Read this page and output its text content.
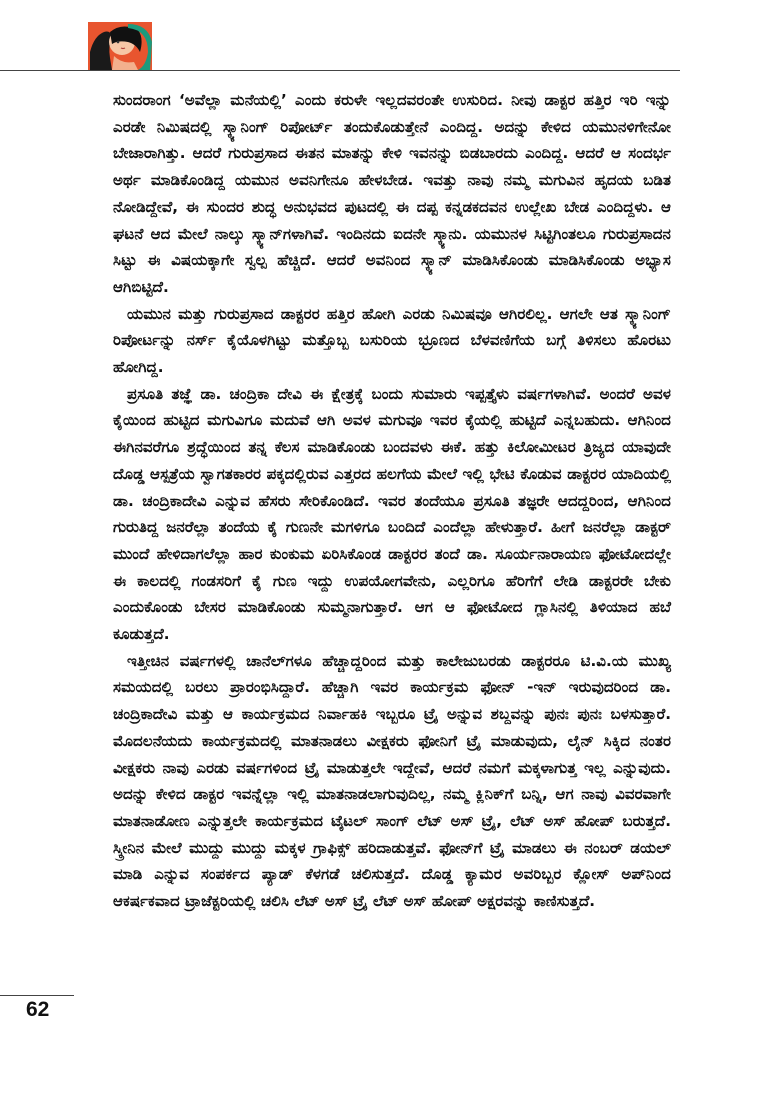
ಸುಂದರಾಂಗ ‘ಅವೆಲ್ಲಾ ಮನೆಯಲ್ಲಿ’ ಎಂದು ಕರುಳೇ ಇಲ್ಲದವರಂತೇ ಉಸುರಿದ. ನೀವು ಡಾಕ್ಟರ ಹತ್ತಿರ ಇರಿ ಇನ್ನು ಎರಡೇ ನಿಮಿಷದಲ್ಲಿ ಸ್ಕ್ಯಾನಿಂಗ್ ರಿಪೋರ್ಟ್ ತಂದುಕೊಡುತ್ತೇನೆ ಎಂದಿದ್ದ. ಅದನ್ನು ಕೇಳಿದ ಯಮುನಳಿಗೇನೋ ಬೇಜಾರಾಗಿತ್ತು. ಆದರೆ ಗುರುಪ್ರಸಾದ ಈತನ ಮಾತನ್ನು ಕೇಳಿ ಇವನನ್ನು ಬಿಡಬಾರದು ಎಂದಿದ್ದ. ಆದರೆ ಆ ಸಂದರ್ಭ ಅರ್ಥ ಮಾಡಿಕೊಂಡಿದ್ದ ಯಮುನ ಅವನಿಗೇನೂ ಹೇಳಬೇಡ. ಇವತ್ತು ನಾವು ನಮ್ಮ ಮಗುವಿನ ಹೃದಯ ಬಡಿತ ನೋಡಿದ್ದೇವೆ, ಈ ಸುಂದರ ಶುದ್ಧ ಅನುಭವದ ಪುಟದಲ್ಲಿ ಈ ದಪ್ಪ ಕನ್ನಡಕದವನ ಉಲ್ಲೇಖ ಬೇಡ ಎಂದಿದ್ದಳು. ಆ ಘಟನೆ ಆದ ಮೇಲೆ ನಾಲ್ಕು ಸ್ಕ್ಯಾನ್‌ಗಳಾಗಿವೆ. ಇಂದಿನದು ಐದನೇ ಸ್ಕ್ಯಾನು. ಯಮುನಳ ಸಿಟ್ಟಿಗಿಂತಲೂ ಗುರುಪ್ರಸಾದನ ಸಿಟ್ಟು ಈ ವಿಷಯಕ್ಕಾಗೇ ಸ್ವಲ್ಪ ಹೆಚ್ಚಿದೆ. ಆದರೆ ಅವನಿಂದ ಸ್ಕ್ಯಾನ್ ಮಾಡಿಸಿಕೊಂಡು ಮಾಡಿಸಿಕೊಂಡು ಅಭ್ಯಾಸ ಆಗಿಬಿಟ್ಟಿದೆ.

ಯಮುನ ಮತ್ತು ಗುರುಪ್ರಸಾದ ಡಾಕ್ಟರರ ಹತ್ತಿರ ಹೋಗಿ ಎರಡು ನಿಮಿಷವೂ ಆಗಿರಲಿಲ್ಲ. ಆಗಲೇ ಆತ ಸ್ಕ್ಯಾನಿಂಗ್ ರಿಪೋರ್ಟನ್ನು ನರ್ಸ್ ಕೈಯೊಳಗಿಟ್ಟು ಮತ್ತೊಬ್ಬ ಬಸುರಿಯ ಭ್ರೂಣದ ಬೆಳವಣಿಗೆಯ ಬಗ್ಗೆ ತಿಳಿಸಲು ಹೊರಟು ಹೋಗಿದ್ದ.

ಪ್ರಸೂತಿ ತಜ್ಞೆ ಡಾ. ಚಂದ್ರಿಕಾ ದೇವಿ ಈ ಕ್ಷೇತ್ರಕ್ಕೆ ಬಂದು ಸುಮಾರು ಇಪ್ಪತ್ತೈಳು ವರ್ಷಗಳಾಗಿವೆ. ಅಂದರೆ ಅವಳ ಕೈಯಿಂದ ಹುಟ್ಟಿದ ಮಗುವಿಗೂ ಮದುವೆ ಆಗಿ ಅವಳ ಮಗುವೂ ಇವರ ಕೈಯಲ್ಲಿ ಹುಟ್ಟಿದೆ ಎನ್ನಬಹುದು. ಆಗಿನಿಂದ ಈಗಿನವರೆಗೂ ಶ್ರದ್ಧೆಯಿಂದ ತನ್ನ ಕೆಲಸ ಮಾಡಿಕೊಂಡು ಬಂದವಳು ಈಕೆ. ಹತ್ತು ಕಿಲೋಮೀಟರ ತ್ರಿಜ್ಯದ ಯಾವುದೇ ದೊಡ್ಡ ಆಸ್ಪತ್ರೆಯ ಸ್ವಾಗತಕಾರರ ಪಕ್ಕದಲ್ಲಿರುವ ಎತ್ತರದ ಹಲಗೆಯ ಮೇಲೆ ಇಲ್ಲಿ ಭೇಟಿ ಕೊಡುವ ಡಾಕ್ಟರರ ಯಾದಿಯಲ್ಲಿ ಡಾ. ಚಂದ್ರಿಕಾದೇವಿ ಎನ್ನುವ ಹೆಸರು ಸೇರಿಕೊಂಡಿದೆ. ಇವರ ತಂದೆಯೂ ಪ್ರಸೂತಿ ತಜ್ಞರೇ ಆದದ್ದರಿಂದ, ಆಗಿನಿಂದ ಗುರುತಿದ್ದ ಜನರೆಲ್ಲಾ ತಂದೆಯ ಕೈ ಗುಣನೇ ಮಗಳಿಗೂ ಬಂದಿದೆ ಎಂದೆಲ್ಲಾ ಹೇಳುತ್ತಾರೆ. ಹೀಗೆ ಜನರೆಲ್ಲಾ ಡಾಕ್ಟರ್ ಮುಂದೆ ಹೇಳಿದಾಗಲೆಲ್ಲಾ ಹಾರ ಕುಂಕುಮ ಏರಿಸಿಕೊಂಡ ಡಾಕ್ಟರರ ತಂದೆ ಡಾ. ಸೂರ್ಯನಾರಾಯಣ ಫೋಟೋದಲ್ಲೇ ಈ ಕಾಲದಲ್ಲಿ ಗಂಡಸರಿಗೆ ಕೈ ಗುಣ ಇದ್ದು ಉಪಯೋಗವೇನು, ಎಲ್ಲರಿಗೂ ಹೆರಿಗೆಗೆ ಲೇಡಿ ಡಾಕ್ಟರರೇ ಬೇಕು ಎಂದುಕೊಂಡು ಬೇಸರ ಮಾಡಿಕೊಂಡು ಸುಮ್ಮನಾಗುತ್ತಾರೆ. ಆಗ ಆ ಫೋಟೋದ ಗ್ಲಾಸಿನಲ್ಲಿ ತಿಳಿಯಾದ ಹಬೆ ಕೂಡುತ್ತದೆ.

ಇತ್ತೀಚಿನ ವರ್ಷಗಳಲ್ಲಿ ಚಾನೆಲ್‌ಗಳೂ ಹೆಚ್ಚಾದ್ದರಿಂದ ಮತ್ತು ಕಾಲೇಜುಬರಡು ಡಾಕ್ಟರರೂ ಟಿ.ವಿ.ಯ ಮುಖ್ಯ ಸಮಯದಲ್ಲಿ ಬರಲು ಪ್ರಾರಂಭಿಸಿದ್ದಾರೆ. ಹೆಚ್ಚಾಗಿ ಇವರ ಕಾರ್ಯಕ್ರಮ ಫೋನ್ -ಇನ್ ಇರುವುದರಿಂದ ಡಾ. ಚಂದ್ರಿಕಾದೇವಿ ಮತ್ತು ಆ ಕಾರ್ಯಕ್ರಮದ ನಿರ್ವಾಹಕಿ ಇಬ್ಬರೂ ಟ್ರೈ ಅನ್ನುವ ಶಬ್ದವನ್ನು ಪುನಃ ಪುನಃ ಬಳಸುತ್ತಾರೆ. ಮೊದಲನೆಯದು ಕಾರ್ಯಕ್ರಮದಲ್ಲಿ ಮಾತನಾಡಲು ವೀಕ್ಷಕರು ಫೋನಿಗೆ ಟ್ರೈ ಮಾಡುವುದು, ಲೈನ್ ಸಿಕ್ಕಿದ ನಂತರ ವೀಕ್ಷಕರು ನಾವು ಎರಡು ವರ್ಷಗಳಿಂದ ಟ್ರೈ ಮಾಡುತ್ತಲೇ ಇದ್ದೇವೆ, ಆದರೆ ನಮಗೆ ಮಕ್ಕಳಾಗುತ್ತ ಇಲ್ಲ ಎನ್ನುವುದು. ಅದನ್ನು ಕೇಳಿದ ಡಾಕ್ಟರ ಇವನ್ನೆಲ್ಲಾ ಇಲ್ಲಿ ಮಾತನಾಡಲಾಗುವುದಿಲ್ಲ, ನಮ್ಮ ಕ್ಲಿನಿಕ್‌ಗೆ ಬನ್ನಿ, ಆಗ ನಾವು ವಿವರವಾಗೇ ಮಾತನಾಡೋಣ ಎನ್ನುತ್ತಲೇ ಕಾರ್ಯಕ್ರಮದ ಟೈಟಲ್ ಸಾಂಗ್ ಲೆಟ್ ಅಸ್ ಟ್ರೈ, ಲೆಟ್ ಅಸ್ ಹೋಪ್ ಬರುತ್ತದೆ. ಸ್ಕ್ರೀನಿನ ಮೇಲೆ ಮುದ್ದು ಮುದ್ದು ಮಕ್ಕಳ ಗ್ರಾಫಿಕ್ಸ್ ಹರಿದಾಡುತ್ತವೆ. ಫೋನ್‌ಗೆ ಟ್ರೈ ಮಾಡಲು ಈ ನಂಬರ್ ಡಯಲ್ ಮಾಡಿ ಎನ್ನುವ ಸಂಪರ್ಕದ ಪ್ಯಾಡ್ ಕೆಳಗಡೆ ಚಲಿಸುತ್ತದೆ. ದೊಡ್ಡ ಕ್ಯಾಮರ ಅವರಿಬ್ಬರ ಕ್ಲೋಸ್ ಅಪ್‌ನಿಂದ ಆಕರ್ಷಕವಾದ ಟ್ರಾಜೆಕ್ಟರಿಯಲ್ಲಿ ಚಲಿಸಿ ಲೆಟ್ ಅಸ್ ಟ್ರೈ ಲೆಟ್ ಅಸ್ ಹೋಪ್ ಅಕ್ಷರವನ್ನು ಕಾಣಿಸುತ್ತದೆ.

62
